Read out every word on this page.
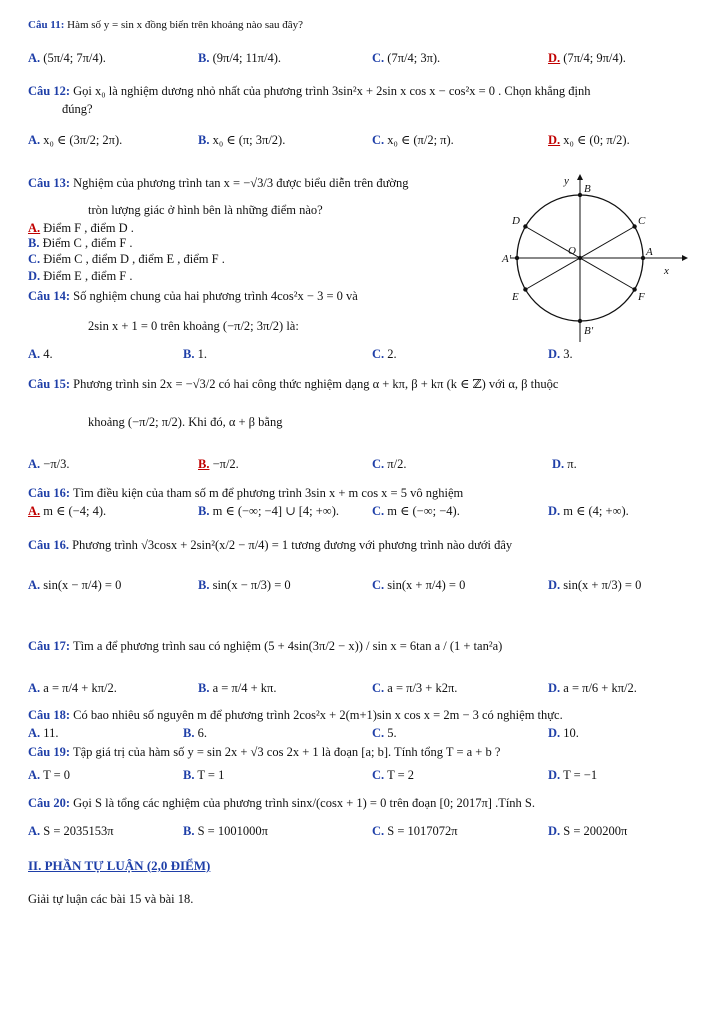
Câu 11: Hàm số y = sin x đồng biến trên khoảng nào sau đây?
A. (5π/4; 7π/4).	B. (9π/4; 11π/4).	C. (7π/4; 3π).	D. (7π/4; 9π/4).
Câu 12: Gọi x₀ là nghiệm dương nhỏ nhất của phương trình 3sin²x + 2sin x cos x − cos²x = 0 . Chọn khẳng định
đúng?
A. x₀ ∈ (3π/2; 2π).	B. x₀ ∈ (π; 3π/2).	C. x₀ ∈ (π/2; π).	D. x₀ ∈ (0; π/2).
Câu 13: Nghiệm của phương trình tan x = −√3/3 được biểu diễn trên đường
tròn lượng giác ở hình bên là những điểm nào?
A. Điểm F , điểm D .
B. Điểm C , điểm F .
C. Điểm C , điểm D , điểm E , điểm F .
D. Điểm E , điểm F .
y
B
D	C
A′
O	A
x
E	F
B′
Câu 14: Số nghiệm chung của hai phương trình 4cos²x − 3 = 0 và
2sin x + 1 = 0 trên khoảng (−π/2; 3π/2) là:
A. 4.	B. 1.	C. 2.	D. 3.
Câu 15: Phương trình sin 2x = −√3/2 có hai công thức nghiệm dạng α + kπ, β + kπ (k ∈ ℤ) với α, β thuộc
khoảng (−π/2; π/2). Khi đó, α + β bằng
A. −π/3.	B. −π/2.	C. π/2.	D. π.
Câu 16: Tìm điều kiện của tham số m để phương trình 3sin x + m cos x = 5 vô nghiệm
A. m ∈ (−4; 4).	B. m ∈ (−∞; −4] ∪ [4; +∞).	C. m ∈ (−∞; −4).	D. m ∈ (4; +∞).
Câu 16. Phương trình √3cosx + 2sin²(x/2 − π/4) = 1 tương đương với phương trình nào dưới đây
A. sin(x − π/4) = 0	B. sin(x − π/3) = 0	C. sin(x + π/4) = 0	D. sin(x + π/3) = 0
Câu 17: Tìm a để phương trình sau có nghiệm (5 + 4sin(3π/2 − x)) / sin x = 6tan a / (1 + tan²a)
A. a = π/4 + kπ/2.	B. a = π/4 + kπ.	C. a = π/3 + k2π.	D. a = π/6 + kπ/2.
Câu 18: Có bao nhiêu số nguyên m để phương trình 2cos²x + 2(m+1)sin x cos x = 2m − 3 có nghiệm thực.
A. 11.	B. 6.	C. 5.	D. 10.
Câu 19: Tập giá trị của hàm số y = sin 2x + √3 cos 2x + 1 là đoạn [a; b]. Tính tổng T = a + b ?
A. T = 0	B. T = 1	C. T = 2	D. T = −1
Câu 20: Gọi S là tổng các nghiệm của phương trình sinx/(cosx + 1) = 0 trên đoạn [0; 2017π] .Tính S.
A. S = 2035153π	B. S = 1001000π	C. S = 1017072π	D. S = 200200π
II. PHẦN TỰ LUẬN (2,0 ĐIỂM)
Giải tự luận các bài 15 và bài 18.
